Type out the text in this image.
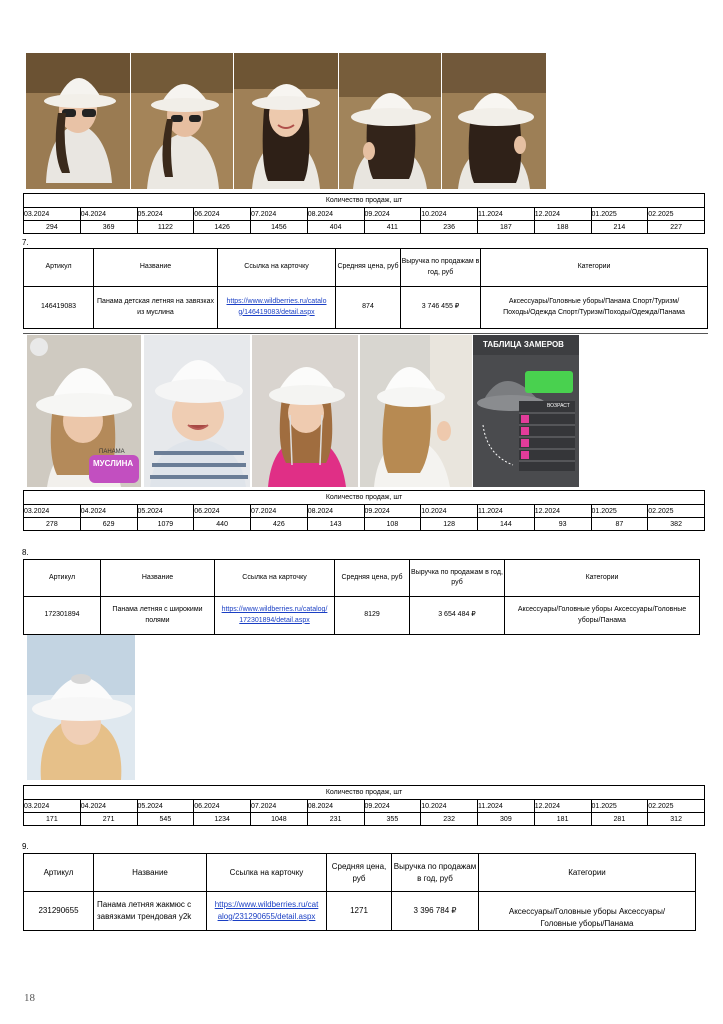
Количество продаж, шт											
03.2024	04.2024	05.2024	06.2024	07.2024	08.2024	09.2024	10.2024	11.2024	12.2024	01.2025	02.2025
294	369	1122	1426	1456	404	411	236	187	188	214	227
7.
Артикул	Название	Ссылка на карточку	Средняя цена, руб	Выручка по продажам в год, руб	Категории
146419083	Панама детская летняя на завязках из муслина	https://www.wildberries.ru/catalog/146419083/detail.aspx	874	3 746 455 ₽	Аксессуары/Головные уборы/Панама Спорт/Туризм/Походы/Одежда Спорт/Туризм/Походы/Одежда/Панама
ПАНАМА
МУСЛИНА
ТАБЛИЦА ЗАМЕРОВ
ВОЗРАСТ
Количество продаж, шт											
03.2024	04.2024	05.2024	06.2024	07.2024	08.2024	09.2024	10.2024	11.2024	12.2024	01.2025	02.2025
278	629	1079	440	426	143	108	128	144	93	87	382
8.
Артикул	Название	Ссылка на карточку	Средняя цена, руб	Выручка по продажам в год, руб	Категории
172301894	Панама летняя с широкими полями	https://www.wildberries.ru/catalog/172301894/detail.aspx	8129	3 654 484 ₽	Аксессуары/Головные уборы Аксессуары/Головные уборы/Панама
Количество продаж, шт											
03.2024	04.2024	05.2024	06.2024	07.2024	08.2024	09.2024	10.2024	11.2024	12.2024	01.2025	02.2025
171	271	545	1234	1048	231	355	232	309	181	281	312
9.
Артикул	Название	Ссылка на карточку	Средняя цена, руб	Выручка по продажам в год, руб	Категории
231290655	Панама летняя жакмюс с завязками трендовая y2k	https://www.wildberries.ru/catalog/231290655/detail.aspx	1271	3 396 784 ₽	Аксессуары/Головные уборы Аксессуары/Головные уборы/Панама
18
